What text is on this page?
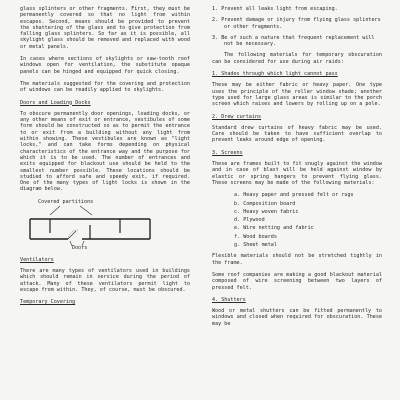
glass splinters or other fragments. First, they must be permanently covered so that no light from within escapes. Second, means should be provided to prevent the shattering of the glass and to give protection from falling glass splinters. So far as it is possible, all skylight glass should be removed and replaced with wood or metal panels.

In cases where sections of skylights or saw-tooth roof windows open for ventilation, the substitute opaque panels can be hinged and equipped for quick closing.

The materials suggested for the covering and protection of windows can be readily applied to skylights.

Doors and Loading Docks

To obscure permanently door openings, loading docks, or any other means of exit or entrance, vestibules of some form should be constructed so as to permit the entrance to or exit from a building without any light from within showing. These vestibules are known as "light locks," and can take forms depending on physical characteristics of the entrance way and the purpose for which it is to be used. The number of entrances and exits equipped for blackout use should be held to the smallest number possible. These locations should be studied to afford safe and speedy exit, if required. One of the many types of light locks is shown in the diagram below.

Covered partitions
Doors
Ventilators

There are many types of ventilators used in buildings which should remain in service during the period of attack. Many of these ventilators permit light to escape from within. They, of course, must be obscured.

Temporary Covering
1. Prevent all leaks light from escaping.
2. Prevent damage or injury from flying glass splinters or other fragments.
3. Be of such a nature that frequent replacement will not be necessary.

The following materials for temporary obscuration can be considered for use during air raids:

1. Shades through which light cannot pass

These may be either fabric or heavy paper. One type uses the principle of the roller window shade; another type used for large glass areas is similar to the porch screen which raises and lowers by rolling up on a pole.

2. Drew curtains

Standard drew curtains of heavy fabric may be used. Care should be taken to have sufficient overlap to prevent leaks around edge of opening.

3. Screens

These are frames built to fit snugly against the window and in case of blast will be held against window by elastic or spring hangers to prevent flying glass. These screens may be made of the following materials:

a. Heavy paper and pressed felt or rugs
b. Composition board
c. Heavy woven fabric
d. Plywood
e. Wire netting and fabric
f. Wood boards
g. Sheet metal

Flexible materials should not be stretched tightly in the frame.

Some roof companies are making a good blackout material composed of wire screening between two layers of pressed felt.

4. Shutters

Wood or metal shutters can be fitted permanently to windows and closed when required for obscuration. These may be
